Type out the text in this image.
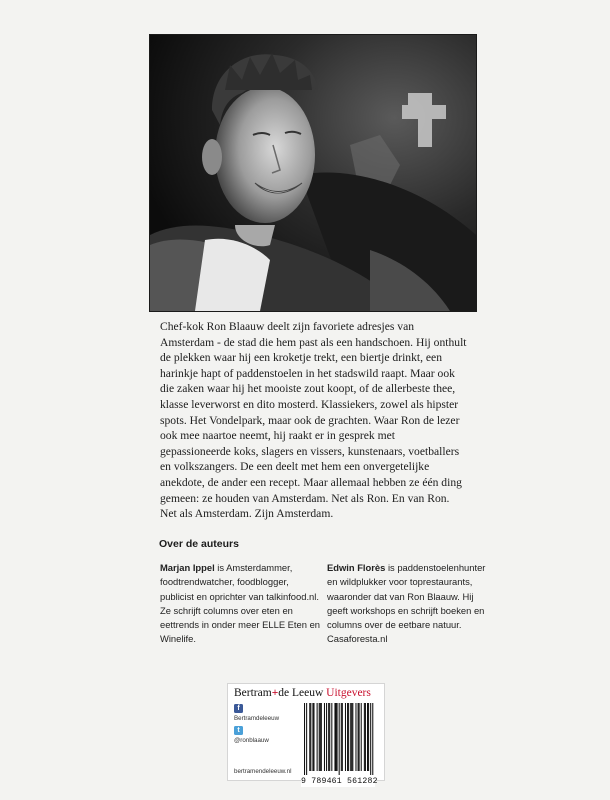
Chef-kok Ron Blaauw deelt zijn favoriete adresjes van Amsterdam - de stad die hem past als een handschoen. Hij onthult de plekken waar hij een kroketje trekt, een biertje drinkt, een harinkje hapt of paddenstoelen in het stadswild raapt. Maar ook die zaken waar hij het mooiste zout koopt, of de allerbeste thee, klasse leverworst en dito mosterd. Klassiekers, zowel als hipster spots. Het Vondelpark, maar ook de grachten. Waar Ron de lezer ook mee naartoe neemt, hij raakt er in gesprek met gepassioneerde koks, slagers en vissers, kunstenaars, voetballers en volkszangers. De een deelt met hem een onvergetelijke anekdote, de ander een recept. Maar allemaal hebben ze één ding gemeen: ze houden van Amsterdam. Net als Ron. En van Ron. Net als Amsterdam. Zijn Amsterdam.

Over de auteurs
Marjan Ippel is Amsterdammer, foodtrendwatcher, foodblogger, publicist en oprichter van talkinfood.nl. Ze schrijft columns over eten en eettrends in onder meer ELLE Eten en Winelife.
Edwin Florès is paddenstoelenhunter en wildplukker voor toprestaurants, waaronder dat van Ron Blaauw. Hij geeft workshops en schrijft boeken en columns over de eetbare natuur. Casaforesta.nl
Bertram+de Leeuw Uitgevers
f
Bertramdeleeuw
t
@ronblaauw
bertramendeleeuw.nl
9 789461 561282
